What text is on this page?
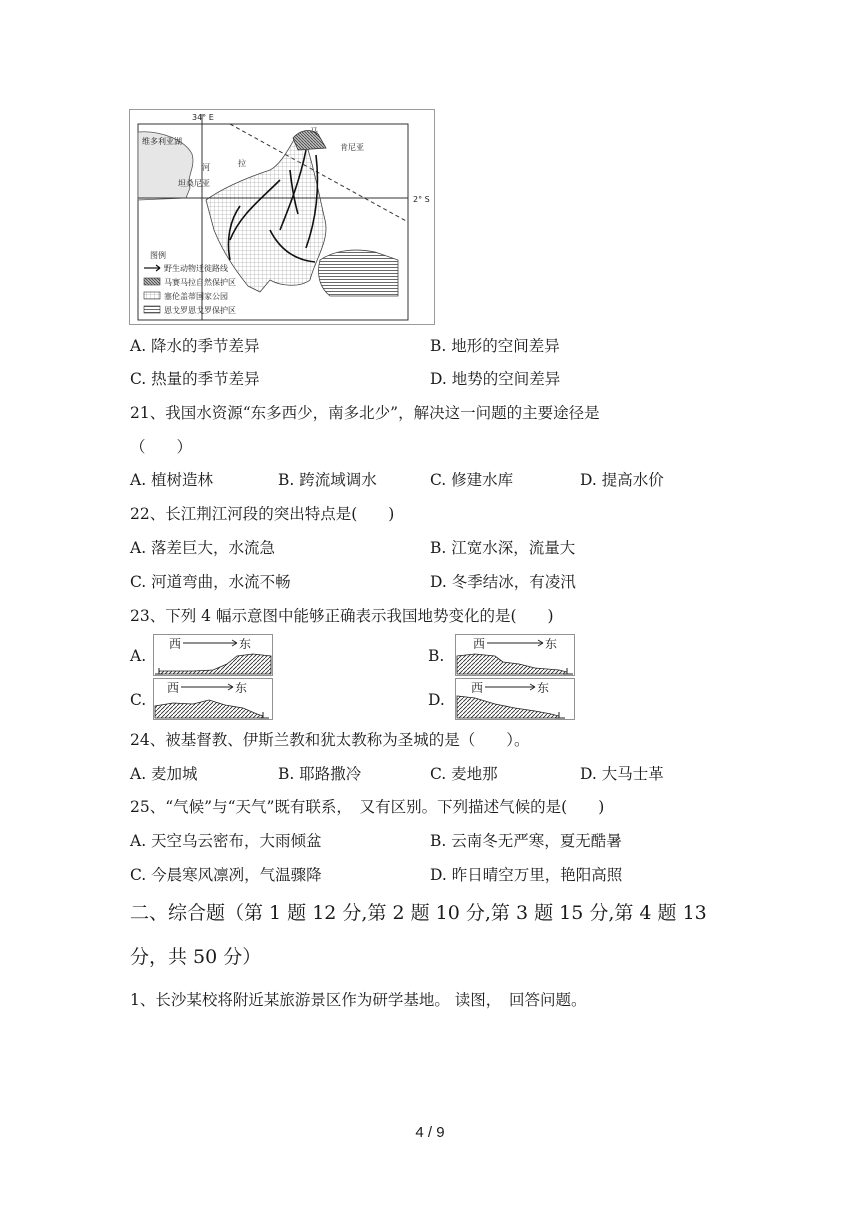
34° E
2° S
维多利亚湖
河	拉
坦桑尼亚
肯尼亚
马
图例
野生动物迁徙路线
马赛马拉自然保护区
塞伦盖蒂国家公园
恩戈罗恩戈罗保护区
A. 降水的季节差异	B. 地形的空间差异
C. 热量的季节差异	D. 地势的空间差异
21、我国水资源“东多西少，南多北少”，解决这一问题的主要途径是
（　　）
A. 植树造林	B. 跨流域调水	C. 修建水库	D. 提高水价
22、长江荆江河段的突出特点是(　　)
A. 落差巨大，水流急	B. 江宽水深，流量大
C. 河道弯曲，水流不畅	D. 冬季结冰，有凌汛
23、下列 4 幅示意图中能够正确表示我国地势变化的是(　　)
A.
西	东
B.
西	东
C.
西	东
D.
西	东
24、被基督教、伊斯兰教和犹太教称为圣城的是（　　）。
A. 麦加城	B. 耶路撒冷	C. 麦地那	D. 大马士革
25、“气候”与“天气”既有联系，　又有区别。下列描述气候的是(　　)
A. 天空乌云密布，大雨倾盆	B. 云南冬无严寒，夏无酷暑
C. 今晨寒风凛冽，气温骤降	D. 昨日晴空万里，艳阳高照
二、综合题（第 1 题 12 分,第 2 题 10 分,第 3 题 15 分,第 4 题 13
分，共 50 分）
1、长沙某校将附近某旅游景区作为研学基地。 读图，　回答问题。
4 / 9
